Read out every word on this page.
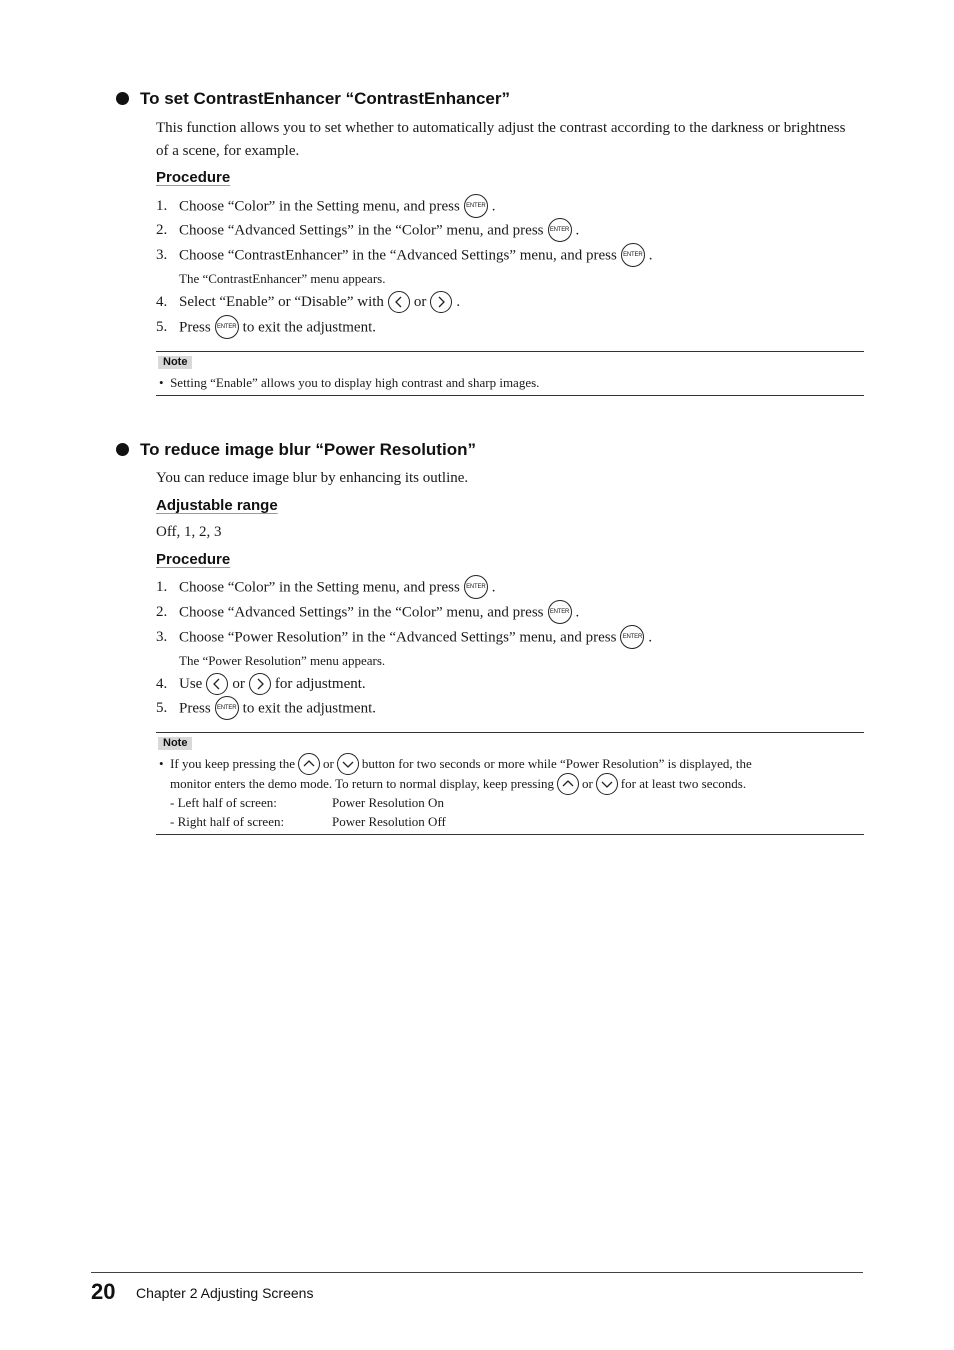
To set ContrastEnhancer “ContrastEnhancer”
This function allows you to set whether to automatically adjust the contrast according to the darkness or brightness of a scene, for example.
Procedure
1. Choose “Color” in the Setting menu, and press ENTER .
2. Choose “Advanced Settings” in the “Color” menu, and press ENTER .
3. Choose “ContrastEnhancer” in the “Advanced Settings” menu, and press ENTER .
The “ContrastEnhancer” menu appears.
4. Select “Enable” or “Disable” with or .
5. Press ENTER to exit the adjustment.
Note
•  Setting “Enable” allows you to display high contrast and sharp images.
To reduce image blur “Power Resolution”
You can reduce image blur by enhancing its outline.
Adjustable range
Off, 1, 2, 3
Procedure
1. Choose “Color” in the Setting menu, and press ENTER .
2. Choose “Advanced Settings” in the “Color” menu, and press ENTER .
3. Choose “Power Resolution” in the “Advanced Settings” menu, and press ENTER .
The “Power Resolution” menu appears.
4. Use or for adjustment.
5. Press ENTER to exit the adjustment.
Note
•  If you keep pressing the or button for two seconds or more while “Power Resolution” is displayed, the
monitor enters the demo mode. To return to normal display, keep pressing or for at least two seconds.
- Left half of screen:	Power Resolution On
- Right half of screen:	Power Resolution Off
20 Chapter 2 Adjusting Screens
